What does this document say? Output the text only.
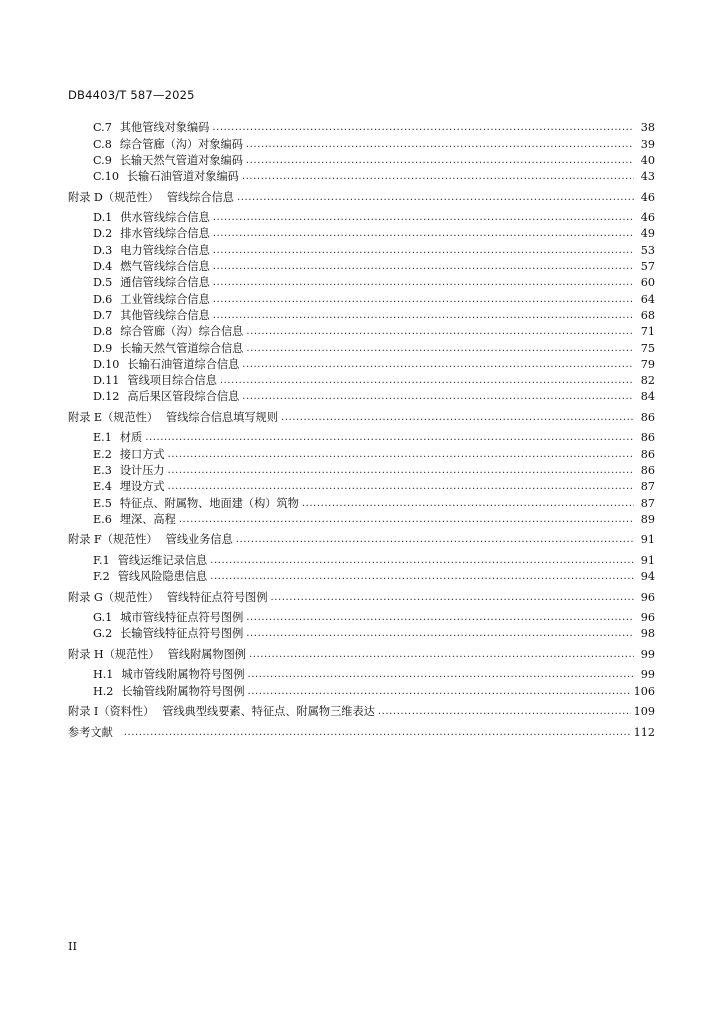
DB4403/T 587—2025
C.7 其他管线对象编码 . . .	38
C.8 综合管廊（沟）对象编码 . . .	39
C.9 长输天然气管道对象编码 . . .	40
C.10 长输石油管道对象编码 . . .	43
附录 D（规范性） 管线综合信息 . . .	46
D.1 供水管线综合信息 . . .	46
D.2 排水管线综合信息 . . .	49
D.3 电力管线综合信息 . . .	53
D.4 燃气管线综合信息 . . .	57
D.5 通信管线综合信息 . . .	60
D.6 工业管线综合信息 . . .	64
D.7 其他管线综合信息 . . .	68
D.8 综合管廊（沟）综合信息 . . .	71
D.9 长输天然气管道综合信息 . . .	75
D.10 长输石油管道综合信息 . . .	79
D.11 管线项目综合信息 . . .	82
D.12 高后果区管段综合信息 . . .	84
附录 E（规范性） 管线综合信息填写规则 . . .	86
E.1 材质 . . .	86
E.2 接口方式 . . .	86
E.3 设计压力 . . .	86
E.4 埋设方式 . . .	87
E.5 特征点、附属物、地面建（构）筑物 . . .	87
E.6 埋深、高程 . . .	89
附录 F（规范性） 管线业务信息 . . .	91
F.1 管线运维记录信息 . . .	91
F.2 管线风险隐患信息 . . .	94
附录 G（规范性） 管线特征点符号图例 . . .	96
G.1 城市管线特征点符号图例 . . .	96
G.2 长输管线特征点符号图例 . . .	98
附录 H（规范性） 管线附属物图例 . . .	99
H.1 城市管线附属物符号图例 . . .	99
H.2 长输管线附属物符号图例 . . .	106
附录 I（资料性） 管线典型线要素、特征点、附属物三维表达 . . .	109
参考文献 . . .	112
II
